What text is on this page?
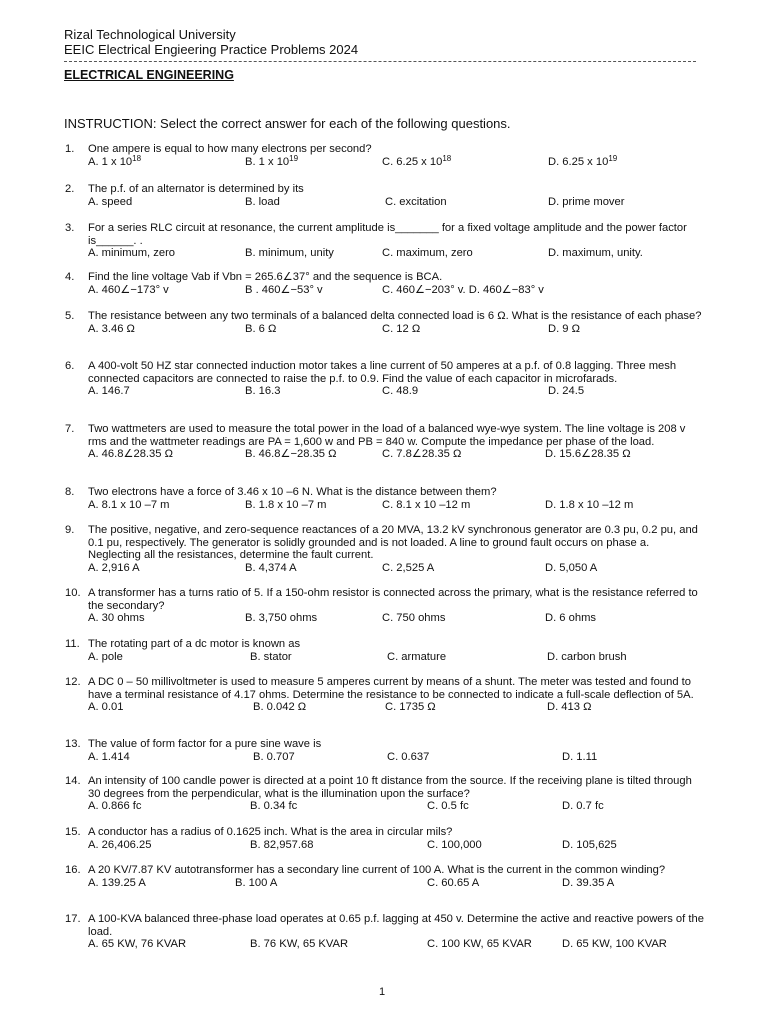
Rizal Technological University
EEIC Electrical Engieering Practice Problems 2024
ELECTRICAL ENGINEERING
INSTRUCTION: Select the correct answer for each of the following questions.
1. One ampere is equal to how many electrons per second?
A. 1 x $10^{18}$	B. 1 x $10^{19}$	C. 6.25 x $10^{18}$	D. 6.25 x $10^{19}$
2. The p.f. of an alternator is determined by its
A. speed	B. load	C. excitation	D. prime mover
3. For a series RLC circuit at resonance, the current amplitude is_______ for a fixed voltage amplitude and the power factor is______. .
A. minimum, zero	B. minimum, unity	C. maximum, zero	D. maximum, unity.
4. Find the line voltage Vab if Vbn = 265.6∠37° and the sequence is BCA.
A. 460∠−173° v	B . 460∠−53° v	C. 460∠−203° v. D. 460∠−83° v
5. The resistance between any two terminals of a balanced delta connected load is 6 Ω. What is the resistance of each phase?
A. 3.46 Ω	B. 6 Ω	C. 12 Ω	D. 9 Ω
6. A 400-volt 50 HZ star connected induction motor takes a line current of 50 amperes at a p.f. of 0.8 lagging. Three mesh connected capacitors are connected to raise the p.f. to 0.9. Find the value of each capacitor in microfarads.
A. 146.7	B. 16.3	C. 48.9	D. 24.5
7. Two wattmeters are used to measure the total power in the load of a balanced wye-wye system. The line voltage is 208 v rms and the wattmeter readings are PA = 1,600 w and PB = 840 w. Compute the impedance per phase of the load.
A. 46.8∠28.35 Ω	B. 46.8∠−28.35 Ω	C. 7.8∠28.35 Ω	D. 15.6∠28.35 Ω
8. Two electrons have a force of 3.46 x 10 –6 N. What is the distance between them?
A. 8.1 x 10 –7 m	B. 1.8 x 10 –7 m	C. 8.1 x 10 –12 m	D. 1.8 x 10 –12 m
9. The positive, negative, and zero-sequence reactances of a 20 MVA, 13.2 kV synchronous generator are 0.3 pu, 0.2 pu, and 0.1 pu, respectively. The generator is solidly grounded and is not loaded. A line to ground fault occurs on phase a. Neglecting all the resistances, determine the fault current.
A. 2,916 A	B. 4,374 A	C. 2,525 A	D. 5,050 A
10. A transformer has a turns ratio of 5. If a 150-ohm resistor is connected across the primary, what is the resistance referred to the secondary?
A. 30 ohms	B. 3,750 ohms	C. 750 ohms	D. 6 ohms
11. The rotating part of a dc motor is known as
A. pole	B. stator	C. armature	D. carbon brush
12. A DC 0 – 50 millivoltmeter is used to measure 5 amperes current by means of a shunt. The meter was tested and found to have a terminal resistance of 4.17 ohms. Determine the resistance to be connected to indicate a full-scale deflection of 5A.
A. 0.01	B. 0.042 Ω	C. 1735 Ω	D. 413 Ω
13. The value of form factor for a pure sine wave is
A. 1.414	B. 0.707	C. 0.637	D. 1.11
14. An intensity of 100 candle power is directed at a point 10 ft distance from the source. If the receiving plane is tilted through 30 degrees from the perpendicular, what is the illumination upon the surface?
A. 0.866 fc	B. 0.34 fc	C. 0.5 fc	D. 0.7 fc
15. A conductor has a radius of 0.1625 inch. What is the area in circular mils?
A. 26,406.25	B. 82,957.68	C. 100,000	D. 105,625
16. A 20 KV/7.87 KV autotransformer has a secondary line current of 100 A. What is the current in the common winding?
A. 139.25 A	B. 100 A	C. 60.65 A	D. 39.35 A
17. A 100-KVA balanced three-phase load operates at 0.65 p.f. lagging at 450 v. Determine the active and reactive powers of the load.
A. 65 KW, 76 KVAR	B. 76 KW, 65 KVAR	C. 100 KW, 65 KVAR	D. 65 KW, 100 KVAR
1
